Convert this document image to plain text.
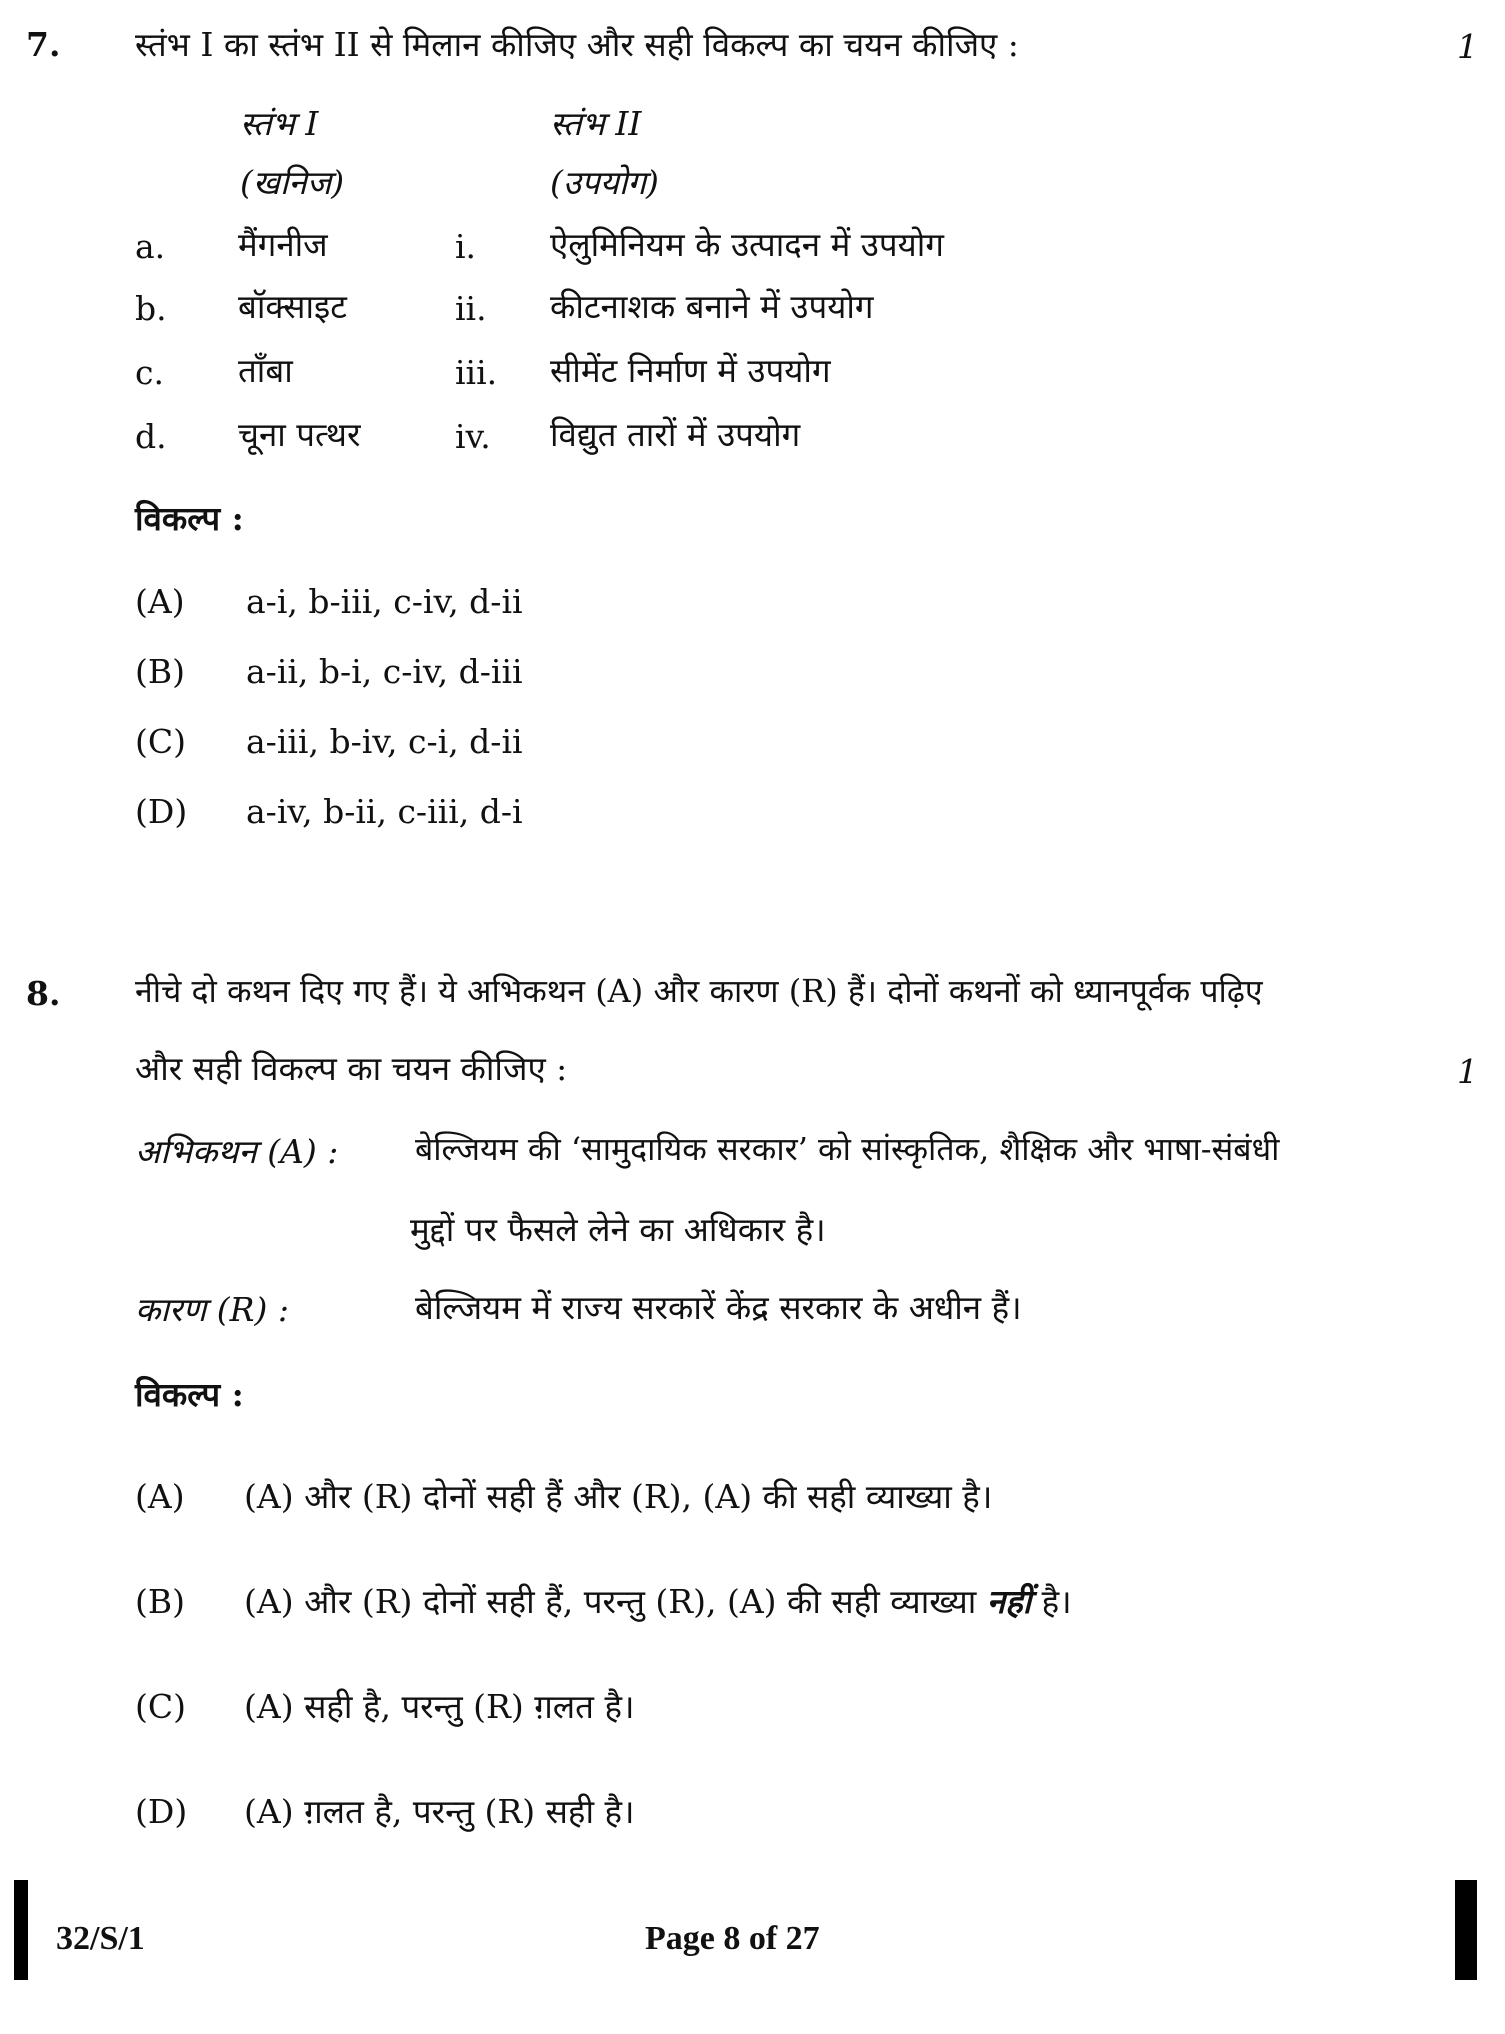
7. स्तंभ I का स्तंभ II से मिलान कीजिए और सही विकल्प का चयन कीजिए :	1
स्तंभ I	स्तंभ II
(खनिज)	(उपयोग)
a. मैंगनीज	i. ऐलुमिनियम के उत्पादन में उपयोग
b. बॉक्साइट	ii. कीटनाशक बनाने में उपयोग
c. ताँबा	iii. सीमेंट निर्माण में उपयोग
d. चूना पत्थर	iv. विद्युत तारों में उपयोग
विकल्प :
(A) a-i, b-iii, c-iv, d-ii
(B) a-ii, b-i, c-iv, d-iii
(C) a-iii, b-iv, c-i, d-ii
(D) a-iv, b-ii, c-iii, d-i
8. नीचे दो कथन दिए गए हैं। ये अभिकथन (A) और कारण (R) हैं। दोनों कथनों को ध्यानपूर्वक पढ़िए
और सही विकल्प का चयन कीजिए :	1
अभिकथन (A) : बेल्जियम की ‘सामुदायिक सरकार’ को सांस्कृतिक, शैक्षिक और भाषा-संबंधी
मुद्दों पर फैसले लेने का अधिकार है।
कारण (R) :	बेल्जियम में राज्य सरकारें केंद्र सरकार के अधीन हैं।
विकल्प :
(A) (A) और (R) दोनों सही हैं और (R), (A) की सही व्याख्या है।
(B) (A) और (R) दोनों सही हैं, परन्तु (R), (A) की सही व्याख्या नहीं है।
(C) (A) सही है, परन्तु (R) ग़लत है।
(D) (A) ग़लत है, परन्तु (R) सही है।
32/S/1	Page 8 of 27
